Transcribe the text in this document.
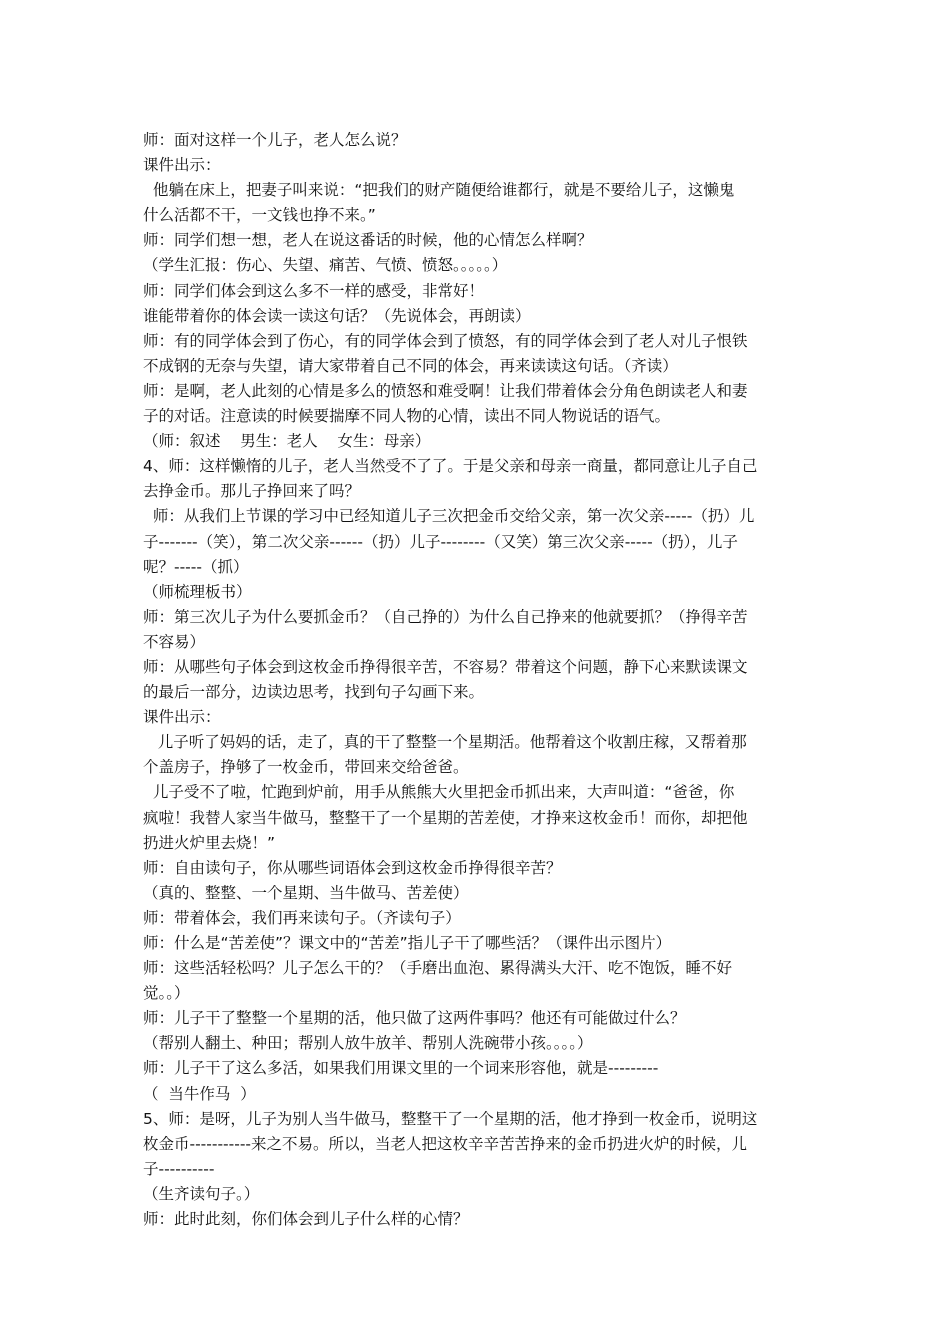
师：面对这样一个儿子，老人怎么说？
课件出示：
他躺在床上，把妻子叫来说：“把我们的财产随便给谁都行，就是不要给儿子，这懒鬼
什么活都不干，一文钱也挣不来。”
师：同学们想一想，老人在说这番话的时候，他的心情怎么样啊？
（学生汇报：伤心、失望、痛苦、气愤、愤怒。。。。。）
师：同学们体会到这么多不一样的感受，非常好！
谁能带着你的体会读一读这句话？（先说体会，再朗读）
师：有的同学体会到了伤心，有的同学体会到了愤怒，有的同学体会到了老人对儿子恨铁
不成钢的无奈与失望，请大家带着自己不同的体会，再来读读这句话。（齐读）
师：是啊，老人此刻的心情是多么的愤怒和难受啊！让我们带着体会分角色朗读老人和妻
子的对话。注意读的时候要揣摩不同人物的心情，读出不同人物说话的语气。
（师：叙述    男生：老人    女生：母亲）
4、师：这样懒惰的儿子，老人当然受不了了。于是父亲和母亲一商量，都同意让儿子自己
去挣金币。那儿子挣回来了吗？
师：从我们上节课的学习中已经知道儿子三次把金币交给父亲，第一次父亲-----（扔）儿
子-------（笑），第二次父亲------（扔）儿子--------（又笑）第三次父亲-----（扔），儿子
呢？-----（抓）
（师梳理板书）
师：第三次儿子为什么要抓金币？（自己挣的）为什么自己挣来的他就要抓？（挣得辛苦
不容易）
师：从哪些句子体会到这枚金币挣得很辛苦，不容易？带着这个问题，静下心来默读课文
的最后一部分，边读边思考，找到句子勾画下来。
课件出示：
儿子听了妈妈的话，走了，真的干了整整一个星期活。他帮着这个收割庄稼，又帮着那
个盖房子，挣够了一枚金币，带回来交给爸爸。
儿子受不了啦，忙跑到炉前，用手从熊熊大火里把金币抓出来，大声叫道：“爸爸，你
疯啦！我替人家当牛做马，整整干了一个星期的苦差使，才挣来这枚金币！而你，却把他
扔进火炉里去烧！”
师：自由读句子，你从哪些词语体会到这枚金币挣得很辛苦？
（真的、整整、一个星期、当牛做马、苦差使）
师：带着体会，我们再来读句子。（齐读句子）
师：什么是“苦差使”？课文中的“苦差”指儿子干了哪些活？（课件出示图片）
师：这些活轻松吗？儿子怎么干的？（手磨出血泡、累得满头大汗、吃不饱饭，睡不好
觉。。）
师：儿子干了整整一个星期的活，他只做了这两件事吗？他还有可能做过什么？
（帮别人翻土、种田；帮别人放牛放羊、帮别人洗碗带小孩。。。。）
师：儿子干了这么多活，如果我们用课文里的一个词来形容他，就是---------
（  当牛作马  ）
5、师：是呀，儿子为别人当牛做马，整整干了一个星期的活，他才挣到一枚金币，说明这
枚金币-----------来之不易。所以，当老人把这枚辛辛苦苦挣来的金币扔进火炉的时候，儿
子----------
（生齐读句子。）
师：此时此刻，你们体会到儿子什么样的心情？
